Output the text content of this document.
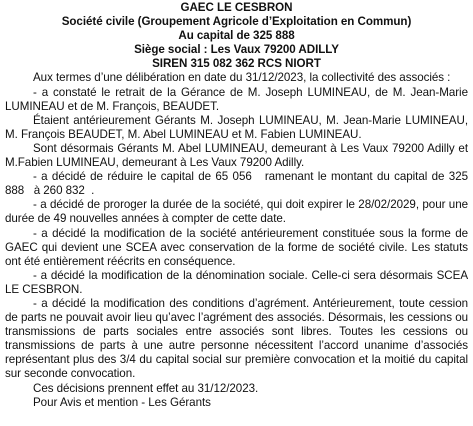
GAEC LE CESBRON
Société civile (Groupement Agricole d’Exploitation en Commun)
Au capital de 325 888
Siège social : Les Vaux 79200 ADILLY
SIREN 315 082 362 RCS NIORT
Aux termes d’une délibération en date du 31/12/2023, la collectivité des associés :
- a constaté le retrait de la Gérance de M. Joseph LUMINEAU, de M. Jean-Marie LUMINEAU et de M. François, BEAUDET.
Étaient antérieurement Gérants M. Joseph LUMINEAU, M. Jean-Marie LUMINEAU, M. François BEAUDET, M. Abel LUMINEAU et M. Fabien LUMINEAU.
Sont désormais Gérants M. Abel LUMINEAU, demeurant à Les Vaux 79200 Adilly et M.Fabien LUMINEAU, demeurant à Les Vaux 79200 Adilly.
- a décidé de réduire le capital de 65 056   ramenant le montant du capital de 325 888   à 260 832  .
- a décidé de proroger la durée de la société, qui doit expirer le 28/02/2029, pour une durée de 49 nouvelles années à compter de cette date.
- a décidé la modification de la société antérieurement constituée sous la forme de GAEC qui devient une SCEA avec conservation de la forme de société civile. Les statuts ont été entièrement réécrits en conséquence.
- a décidé la modification de la dénomination sociale. Celle-ci sera désormais SCEA LE CESBRON.
- a décidé la modification des conditions d’agrément. Antérieurement, toute cession de parts ne pouvait avoir lieu qu’avec l’agrément des associés. Désormais, les cessions ou transmissions de parts sociales entre associés sont libres. Toutes les cessions ou transmissions de parts à une autre personne nécessitent l’accord unanime d’associés représentant plus des 3/4 du capital social sur première convocation et la moitié du capital sur seconde convocation.
Ces décisions prennent effet au 31/12/2023.
Pour Avis et mention - Les Gérants
